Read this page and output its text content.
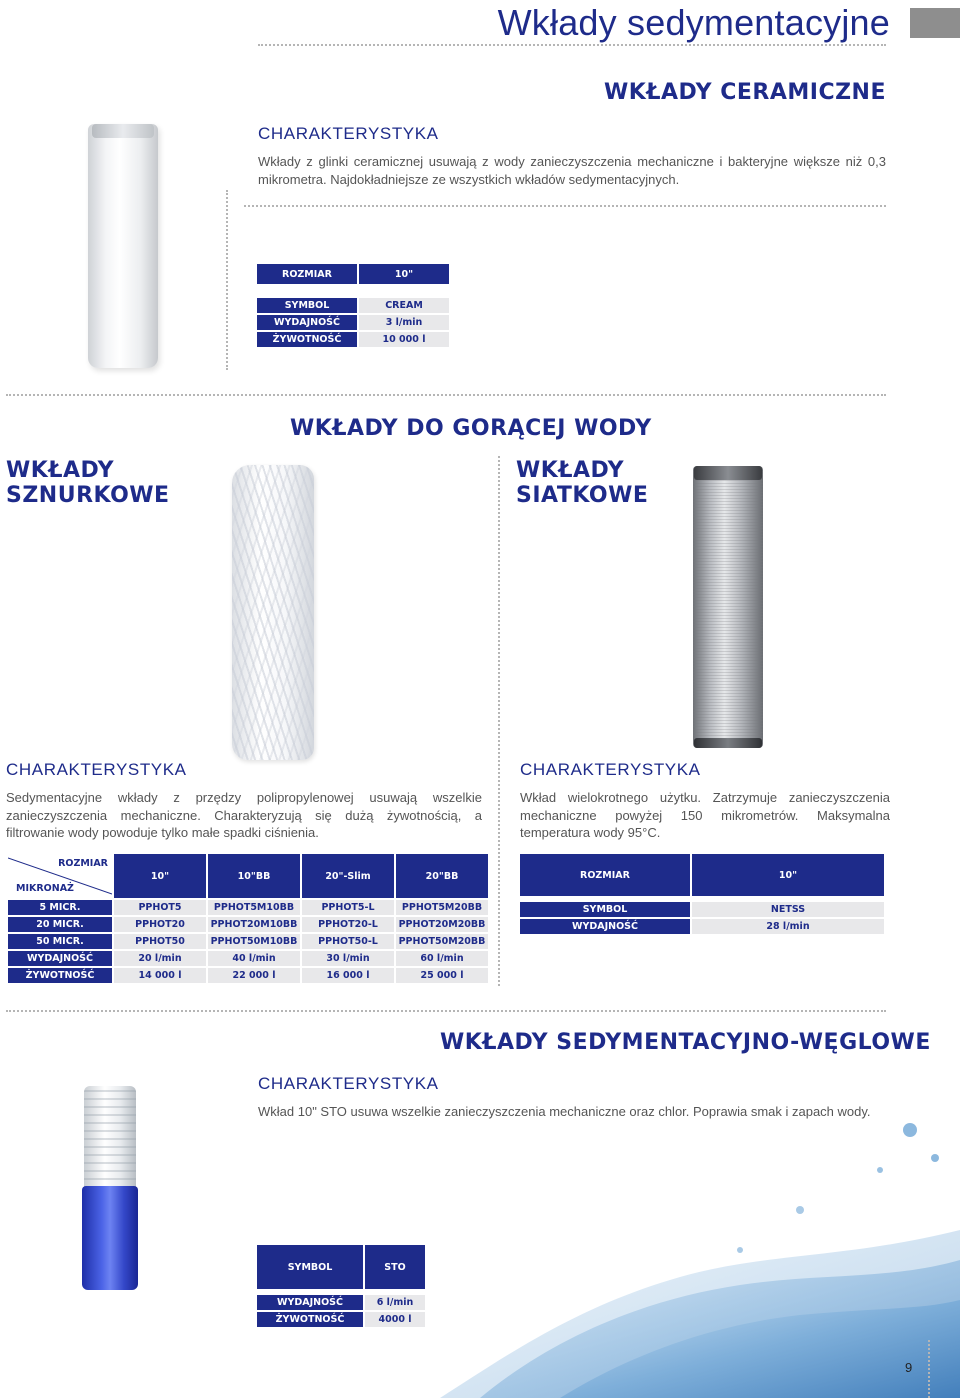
Wkłady sedymentacyjne
WKŁADY CERAMICZNE
CHARAKTERYSTYKA
Wkłady z glinki ceramicznej usuwają z wody zanieczyszczenia mechaniczne i bakteryjne większe niż 0,3 mikrometra. Najdokładniejsze ze wszystkich wkładów sedymentacyjnych.
ROZMIAR	10"

SYMBOL	CREAM
WYDAJNOŚĆ	3 l/min
ŻYWOTNOŚĆ	10 000 l
WKŁADY DO GORĄCEJ WODY
WKŁADY
SZNURKOWE
WKŁADY
SIATKOWE
CHARAKTERYSTYKA
Sedymentacyjne wkłady z przędzy polipropylenowej usuwają wszelkie zanieczyszczenia mechaniczne. Charakteryzują się dużą żywotnością, a filtrowanie wody powoduje tylko małe spadki ciśnienia.
CHARAKTERYSTYKA
Wkład wielokrotnego użytku. Zatrzymuje zanieczyszczenia mechaniczne powyżej 150 mikrometrów. Maksymalna temperatura wody 95°C.
ROZMIAR
MIKRONAŻ	10"	10"BB	20"-Slim	20"BB
5 MICR.	PPHOT5	PPHOT5M10BB	PPHOT5-L	PPHOT5M20BB
20 MICR.	PPHOT20	PPHOT20M10BB	PPHOT20-L	PPHOT20M20BB
50 MICR.	PPHOT50	PPHOT50M10BB	PPHOT50-L	PPHOT50M20BB
WYDAJNOŚĆ	20 l/min	40 l/min	30 l/min	60 l/min
ŻYWOTNOŚĆ	14 000 l	22 000 l	16 000 l	25 000 l
ROZMIAR	10"

SYMBOL	NETSS
WYDAJNOŚĆ	28 l/min
WKŁADY SEDYMENTACYJNO-WĘGLOWE
CHARAKTERYSTYKA
Wkład 10" STO usuwa wszelkie zanieczyszczenia mechaniczne oraz chlor. Poprawia smak i zapach wody.
SYMBOL	STO

WYDAJNOŚĆ	6 l/min
ŻYWOTNOŚĆ	4000 l
9
